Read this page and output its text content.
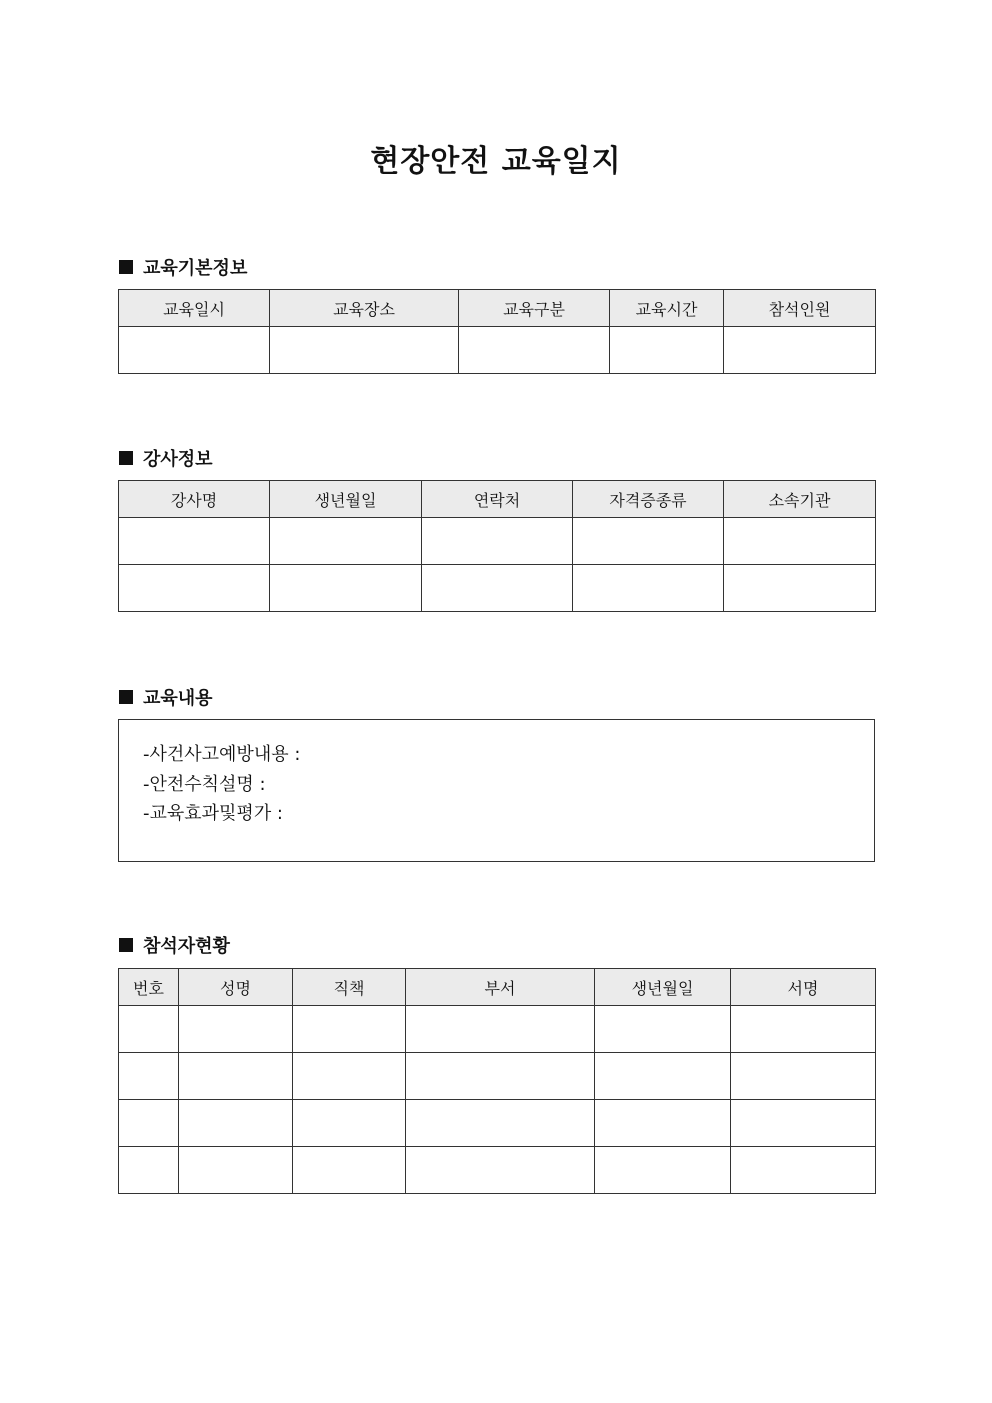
현장안전 교육일지
교육기본정보
교육일시	교육장소	교육구분	교육시간	참석인원

강사정보
강사명	생년월일	연락처	자격증종류	소속기관

교육내용
-사건사고예방내용 :
-안전수칙설명 :
-교육효과및평가 :
참석자현황
번호	성명	직책	부서	생년월일	서명
